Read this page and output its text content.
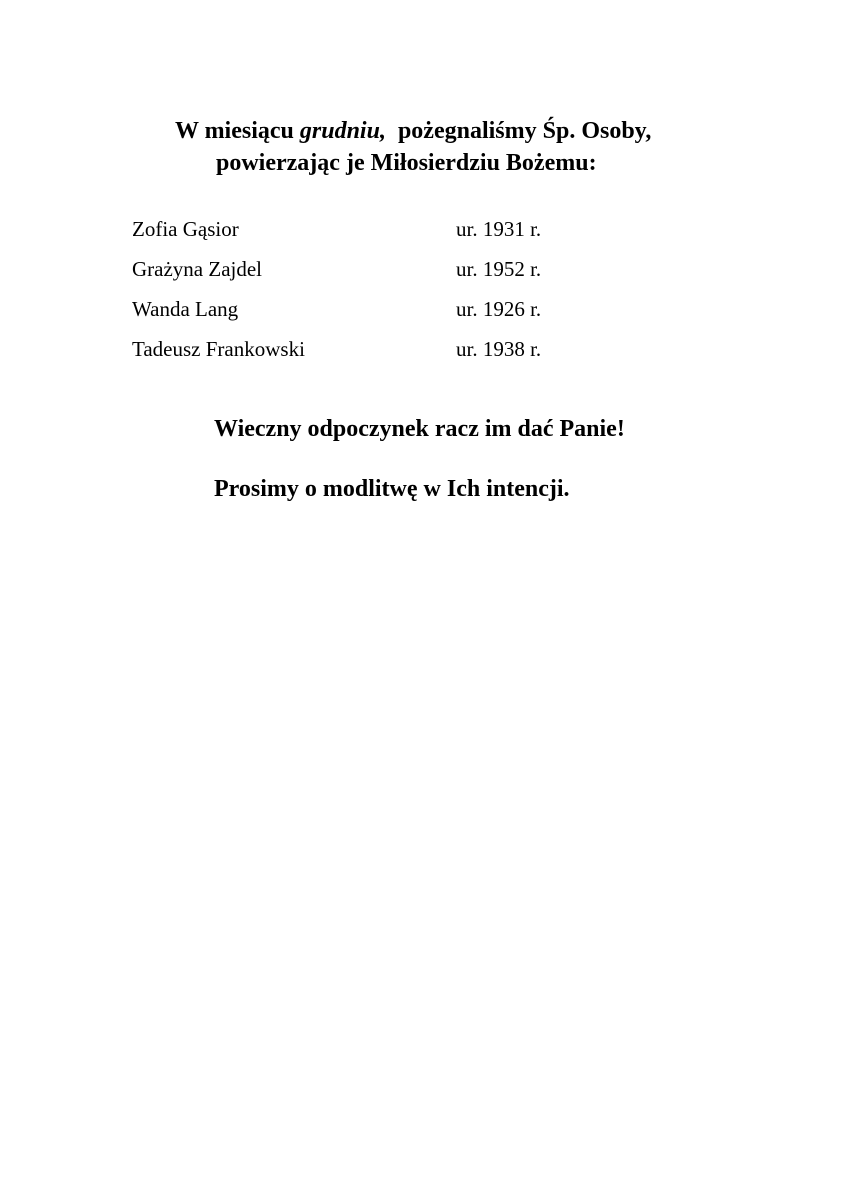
W miesiącu grudniu,  pożegnaliśmy Śp. Osoby,
powierzając je Miłosierdziu Bożemu:
Zofia Gąsior	ur. 1931 r.
Grażyna Zajdel	ur. 1952 r.
Wanda Lang	ur. 1926 r.
Tadeusz Frankowski	ur. 1938 r.
Wieczny odpoczynek racz im dać Panie!
Prosimy o modlitwę w Ich intencji.
